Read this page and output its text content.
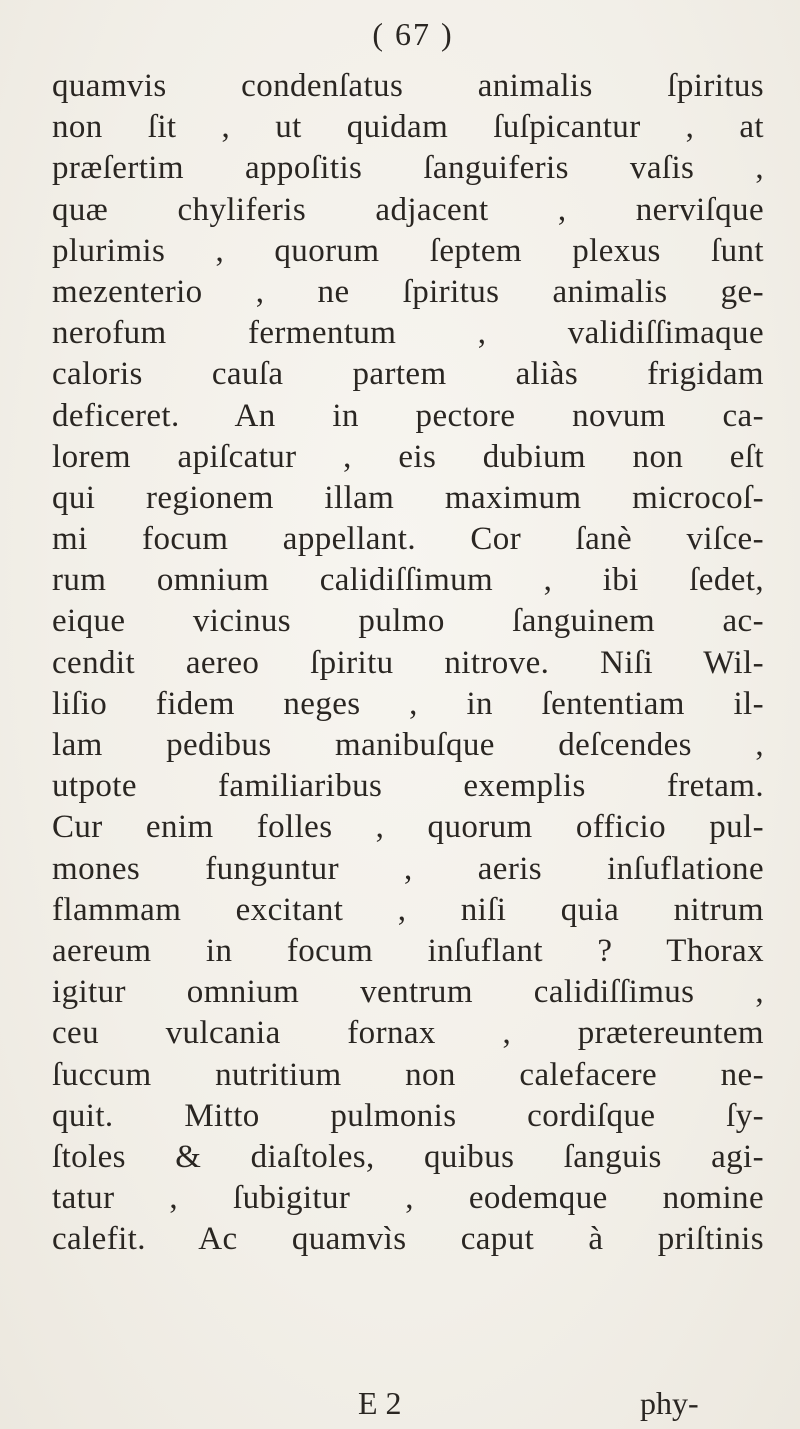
( 67 )
quamvis condenſatus animalis ſpiritus
non ſit , ut quidam ſuſpicantur , at
præſertim appoſitis ſanguiferis vaſis ,
quæ chyliferis adjacent , nerviſque
plurimis , quorum ſeptem plexus ſunt
mezenterio , ne ſpiritus animalis ge-
nerofum fermentum , validiſſimaque
caloris cauſa partem aliàs frigidam
deficeret. An in pectore novum ca-
lorem apiſcatur , eis dubium non eſt
qui regionem illam maximum microcoſ-
mi focum appellant. Cor ſanè viſce-
rum omnium calidiſſimum , ibi ſedet,
eique vicinus pulmo ſanguinem ac-
cendit aereo ſpiritu nitrove. Niſi Wil-
liſio fidem neges , in ſententiam il-
lam pedibus manibuſque deſcendes ,
utpote familiaribus exemplis fretam.
Cur enim folles , quorum officio pul-
mones funguntur , aeris inſuflatione
flammam excitant , niſi quia nitrum
aereum in focum inſuflant ? Thorax
igitur omnium ventrum calidiſſimus ,
ceu vulcania fornax , prætereuntem
ſuccum nutritium non calefacere ne-
quit. Mitto pulmonis cordiſque ſy-
ſtoles & diaſtoles, quibus ſanguis agi-
tatur , ſubigitur , eodemque nomine
calefit. Ac quamvìs caput à priſtinis
E 2	phy-
